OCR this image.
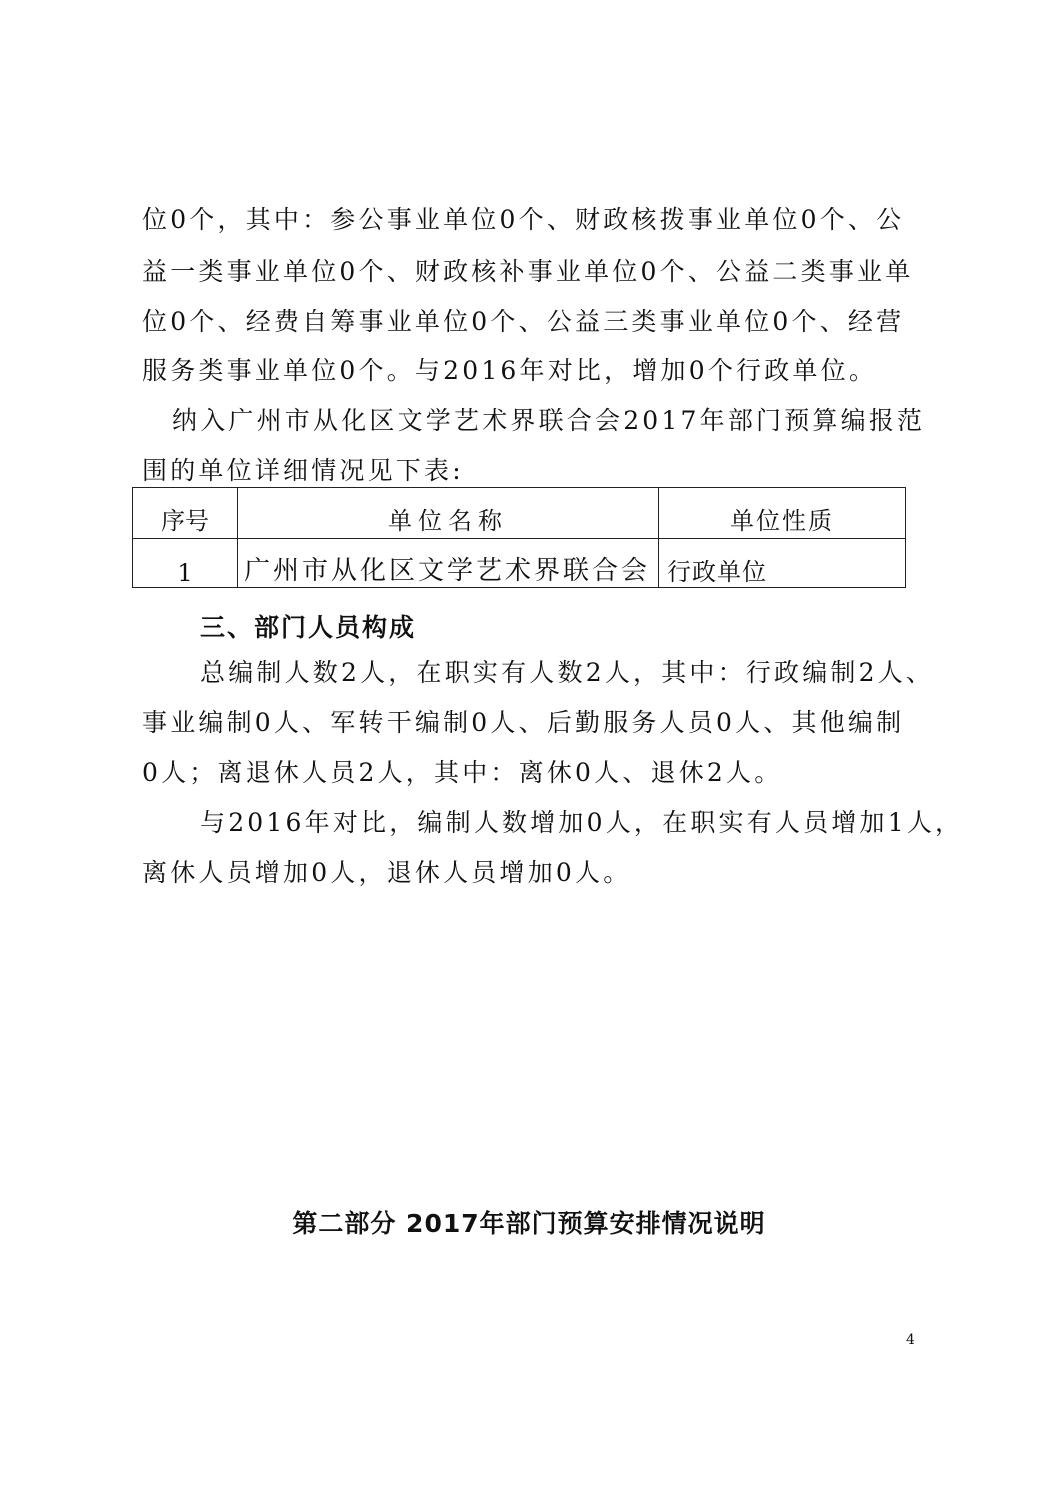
位0个，其中：参公事业单位0个、财政核拨事业单位0个、公
益一类事业单位0个、财政核补事业单位0个、公益二类事业单
位0个、经费自筹事业单位0个、公益三类事业单位0个、经营
服务类事业单位0个。与2016年对比，增加0个行政单位。
纳入广州市从化区文学艺术界联合会2017年部门预算编报范
围的单位详细情况见下表:
序号	单位名称	单位性质
1	广州市从化区文学艺术界联合会	行政单位
三、部门人员构成
总编制人数2人，在职实有人数2人，其中：行政编制2人、
事业编制0人、军转干编制0人、后勤服务人员0人、其他编制
0人；离退休人员2人，其中：离休0人、退休2人。
与2016年对比，编制人数增加0人，在职实有人员增加1人，
离休人员增加0人，退休人员增加0人。
第二部分 2017年部门预算安排情况说明
4
